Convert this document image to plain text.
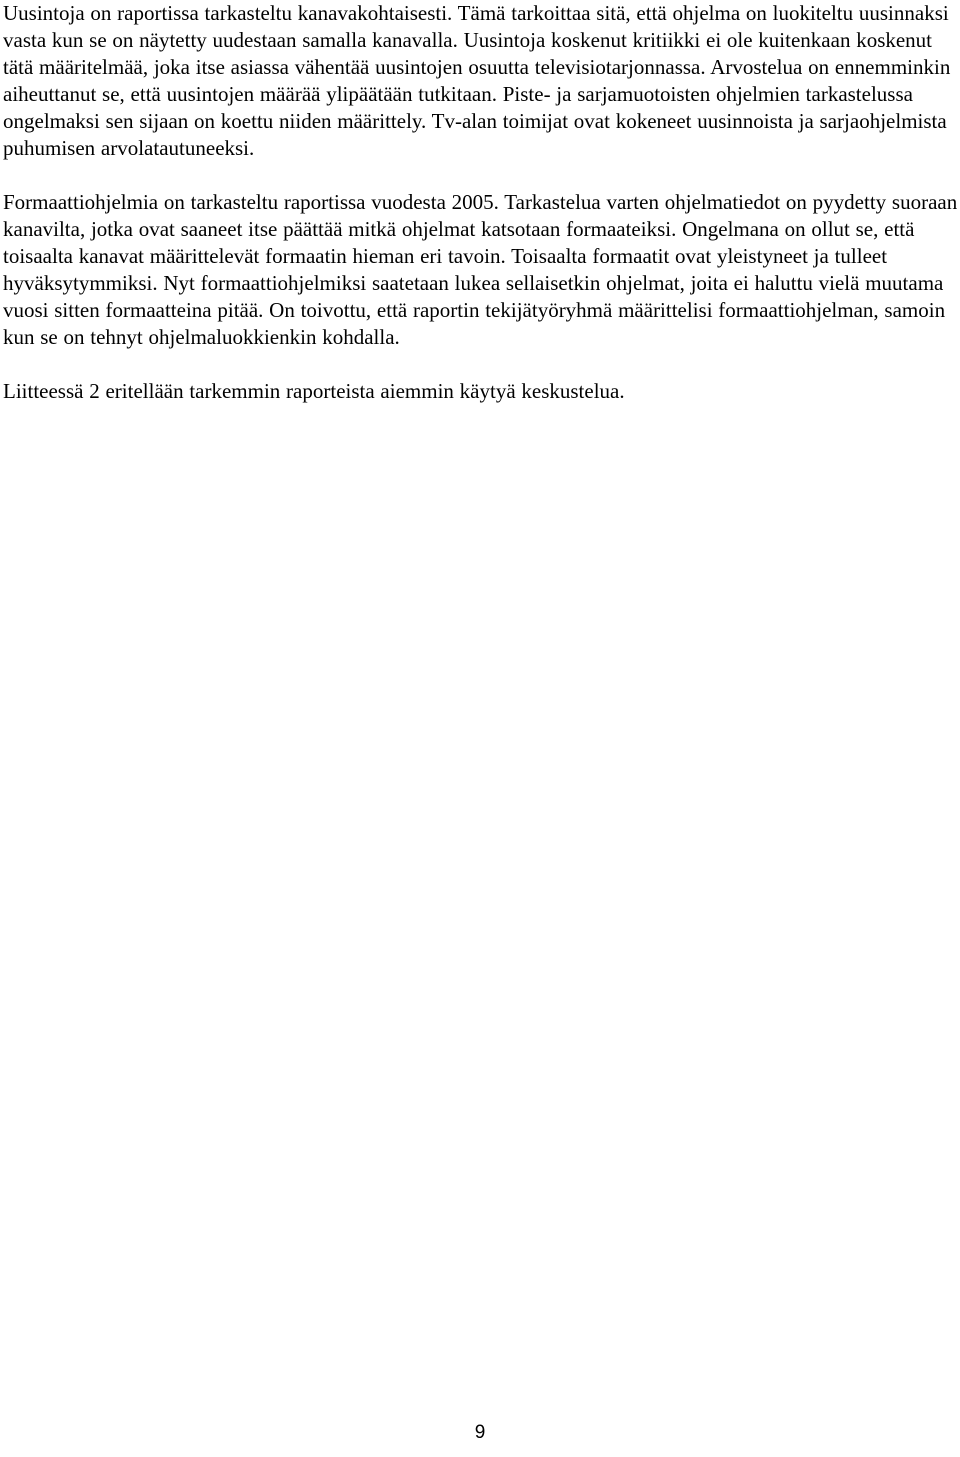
Uusintoja on raportissa tarkasteltu kanavakohtaisesti. Tämä tarkoittaa sitä, että ohjelma on luokiteltu uusinnaksi vasta kun se on näytetty uudestaan samalla kanavalla. Uusintoja koskenut kritiikki ei ole kuitenkaan koskenut tätä määritelmää, joka itse asiassa vähentää uusintojen osuutta televisiotarjonnassa. Arvostelua on ennemminkin aiheuttanut se, että uusintojen määrää ylipäätään tutkitaan. Piste- ja sarjamuotoisten ohjelmien tarkastelussa ongelmaksi sen sijaan on koettu niiden määrittely. Tv-alan toimijat ovat kokeneet uusinnoista ja sarjaohjelmista puhumisen arvolatautuneeksi.

Formaattiohjelmia on tarkasteltu raportissa vuodesta 2005. Tarkastelua varten ohjelmatiedot on pyydetty suoraan kanavilta, jotka ovat saaneet itse päättää mitkä ohjelmat katsotaan formaateiksi. Ongelmana on ollut se, että toisaalta kanavat määrittelevät formaatin hieman eri tavoin. Toisaalta formaatit ovat yleistyneet ja tulleet hyväksytymmiksi. Nyt formaattiohjelmiksi saatetaan lukea sellaisetkin ohjelmat, joita ei haluttu vielä muutama vuosi sitten formaatteina pitää. On toivottu, että raportin tekijätyöryhmä määrittelisi formaattiohjelman, samoin kun se on tehnyt ohjelmaluokkienkin kohdalla.

Liitteessä 2 eritellään tarkemmin raporteista aiemmin käytyä keskustelua.

9
